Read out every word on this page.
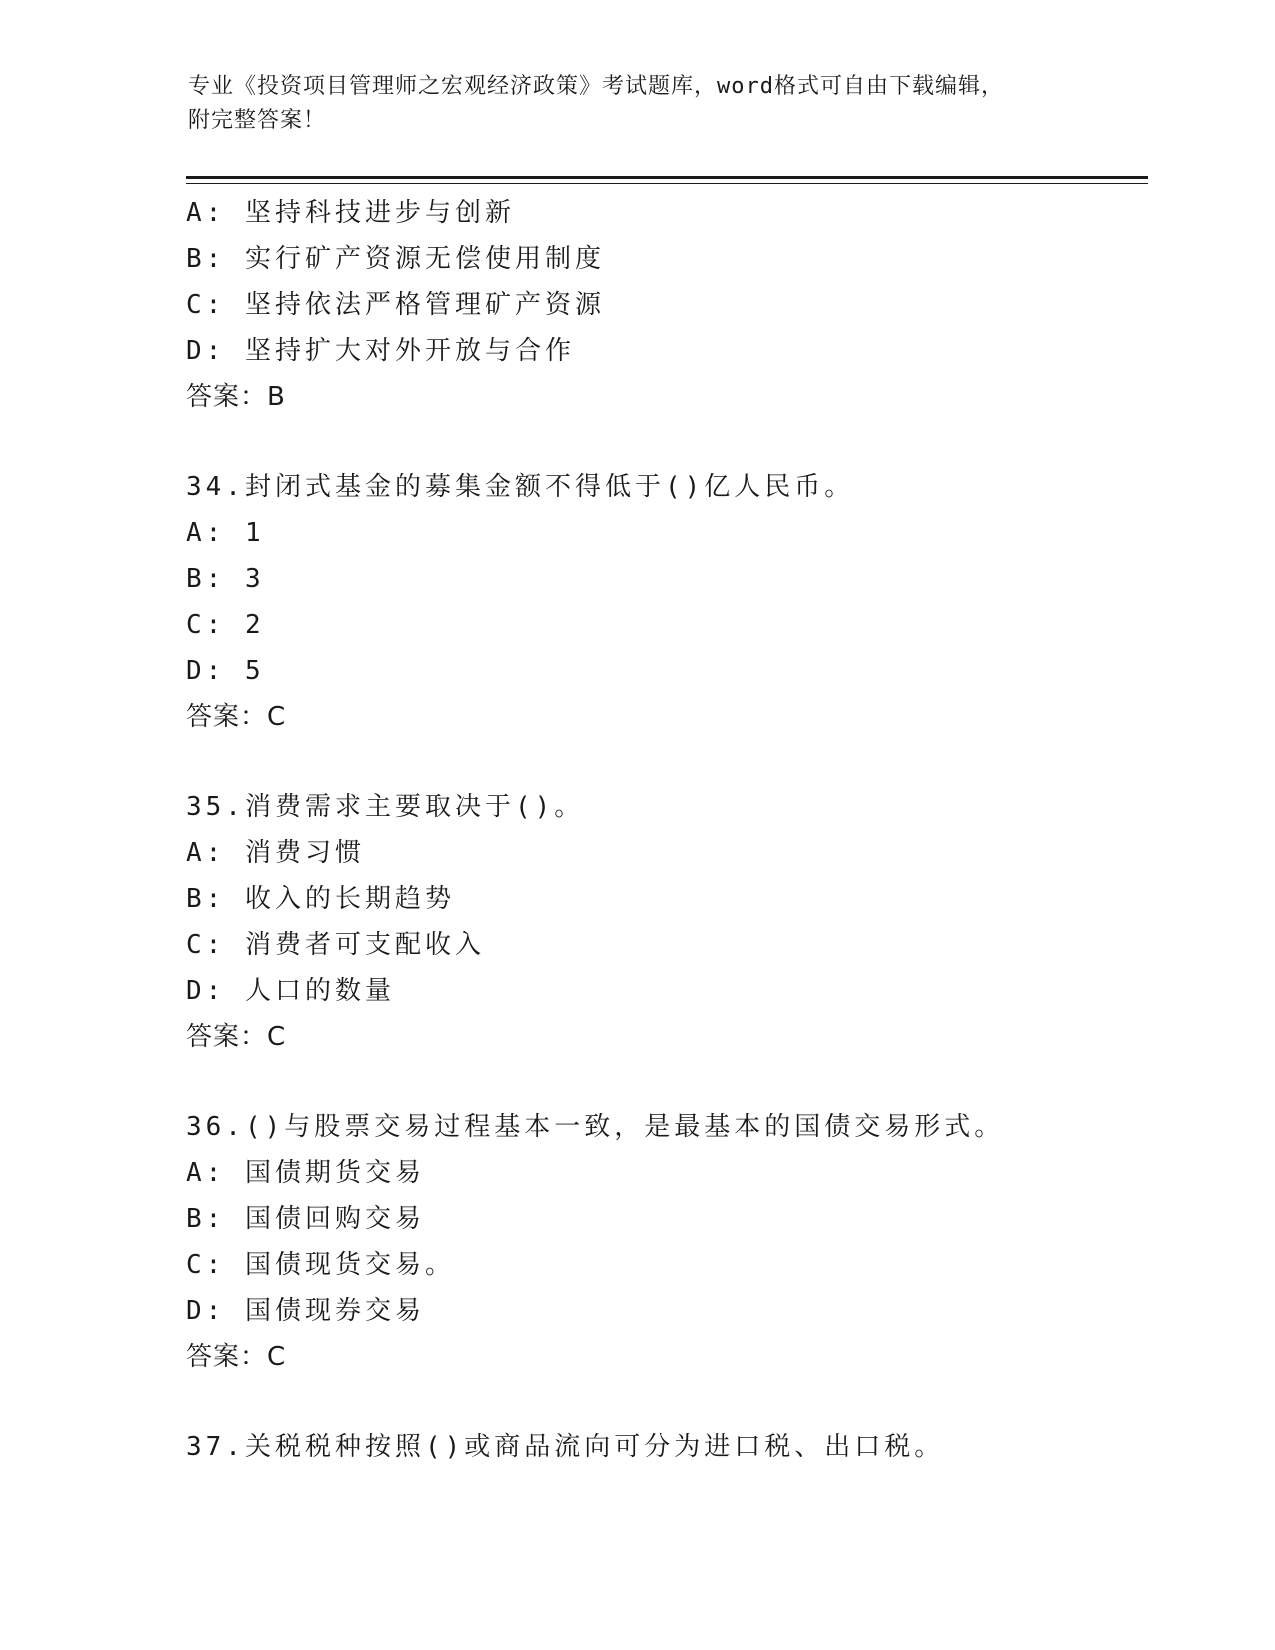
专业《投资项目管理师之宏观经济政策》考试题库，word格式可自由下载编辑，
附完整答案！
A: 坚持科技进步与创新
B: 实行矿产资源无偿使用制度
C: 坚持依法严格管理矿产资源
D: 坚持扩大对外开放与合作
答案：B
34.封闭式基金的募集金额不得低于()亿人民币。
A: 1
B: 3
C: 2
D: 5
答案：C
35.消费需求主要取决于()。
A: 消费习惯
B: 收入的长期趋势
C: 消费者可支配收入
D: 人口的数量
答案：C
36.()与股票交易过程基本一致，是最基本的国债交易形式。
A: 国债期货交易
B: 国债回购交易
C: 国债现货交易。
D: 国债现券交易
答案：C
37.关税税种按照()或商品流向可分为进口税、出口税。
